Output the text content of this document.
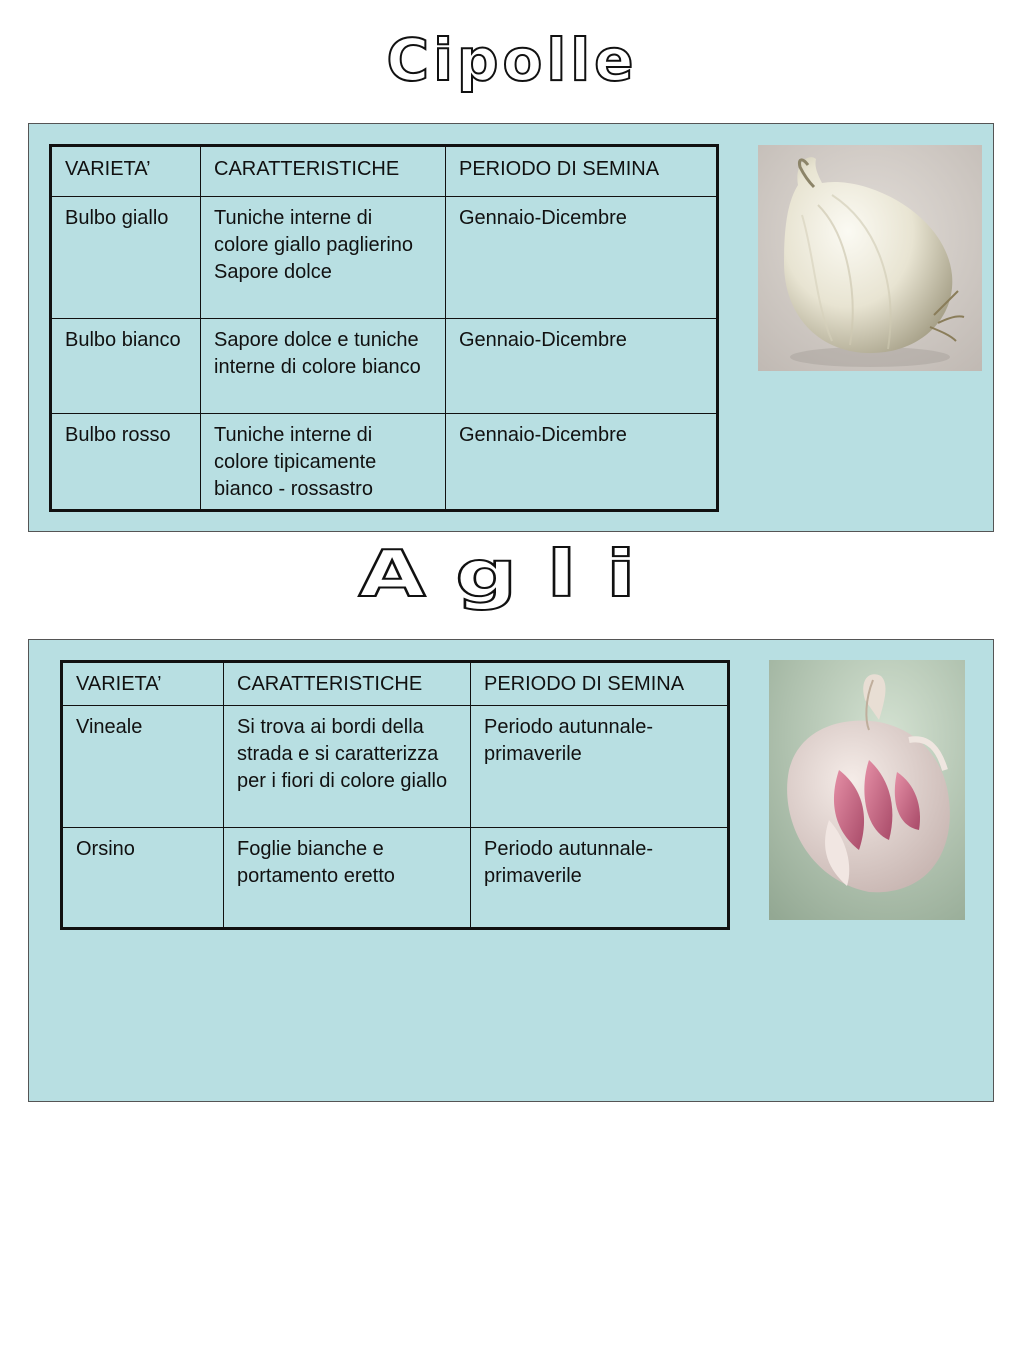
Cipolle
VARIETA’	CARATTERISTICHE	PERIODO DI SEMINA
Bulbo giallo	Tuniche interne di colore giallo paglierino Sapore dolce	Gennaio-Dicembre
Bulbo bianco	Sapore dolce e tuniche interne di colore bianco	Gennaio-Dicembre
Bulbo rosso	Tuniche interne di colore tipicamente bianco - rossastro	Gennaio-Dicembre
Agli
VARIETA’	CARATTERISTICHE	PERIODO DI SEMINA
Vineale	Si trova ai bordi della strada e si caratterizza per i fiori di colore giallo	Periodo autunnale-primaverile
Orsino	Foglie bianche e portamento eretto	Periodo autunnale-primaverile
